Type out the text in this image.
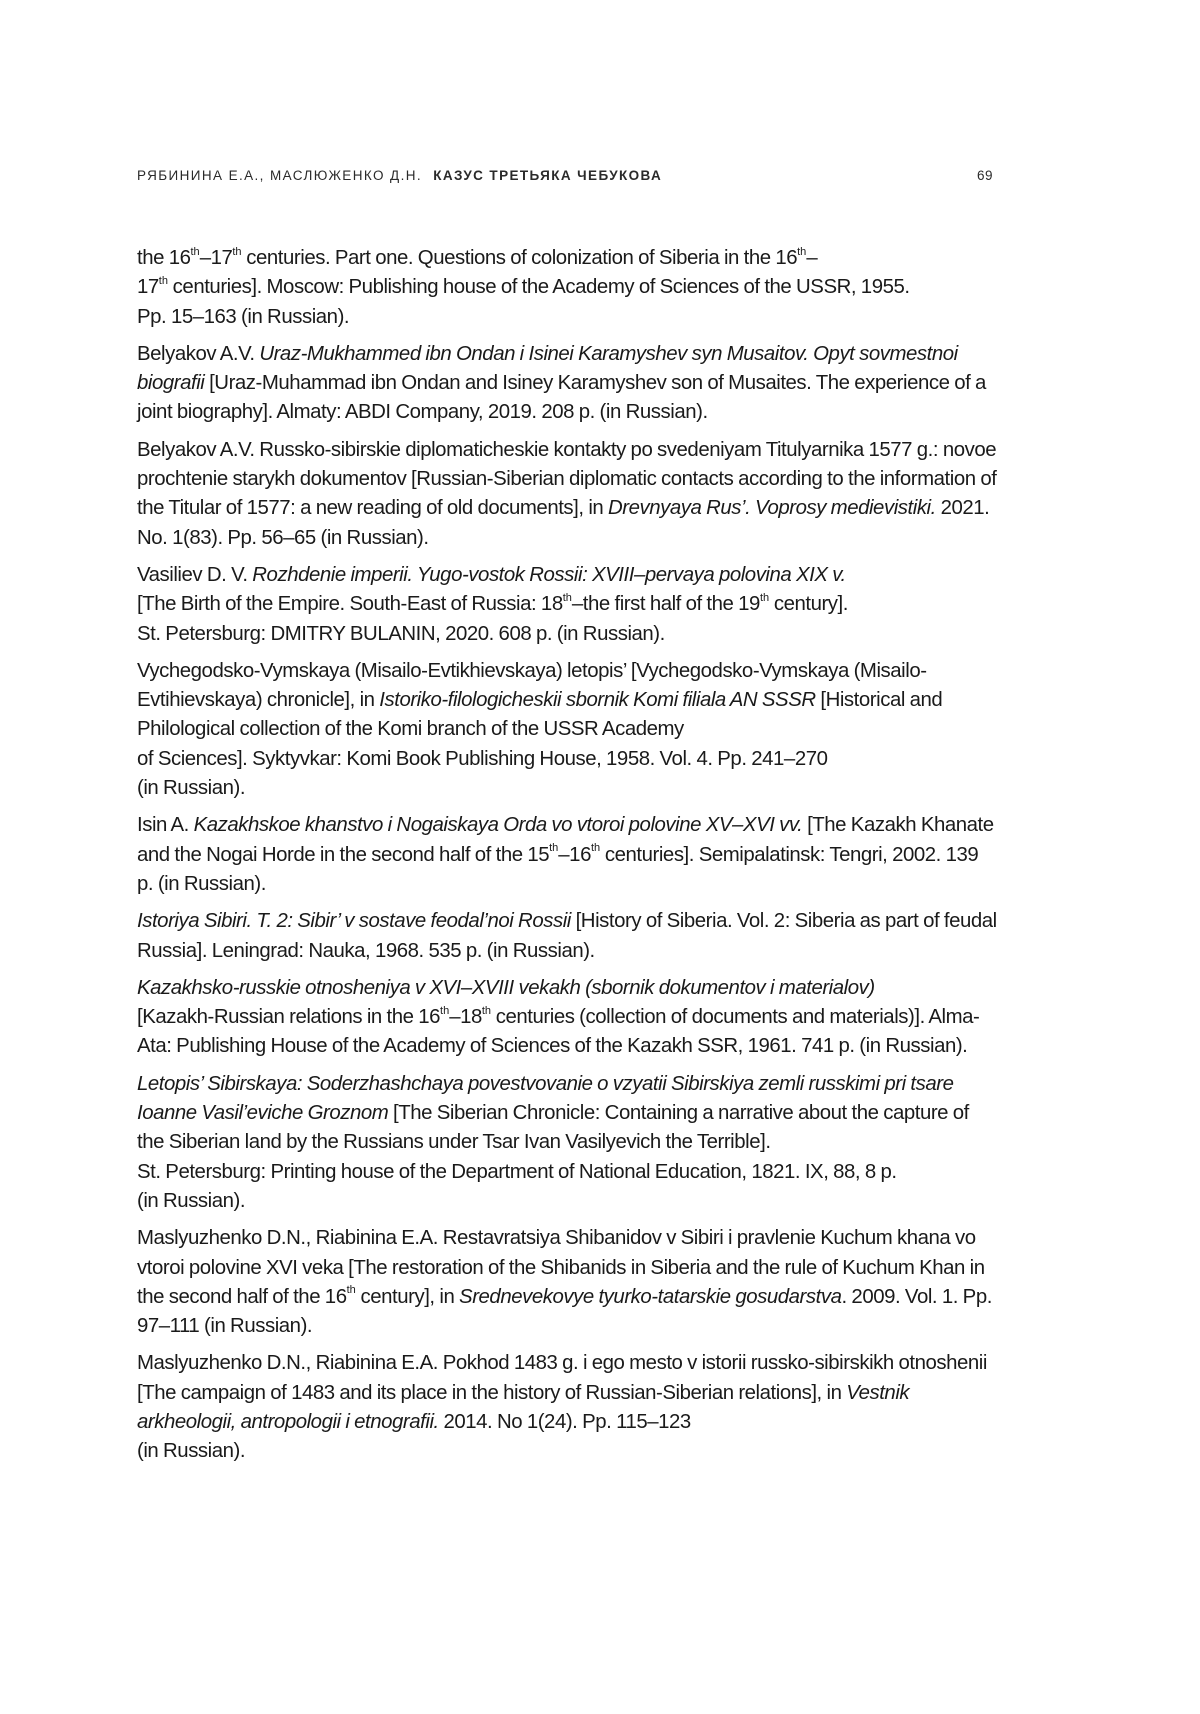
РЯБИНИНА Е.А., МАСЛЮЖЕНКО Д.Н. КАЗУС ТРЕТЬЯКА ЧЕБУКОВА	69

the 16th–17th centuries. Part one. Questions of colonization of Siberia in the 16th–
17th centuries]. Moscow: Publishing house of the Academy of Sciences of the USSR, 1955.
Pp. 15–163 (in Russian).

Belyakov A.V. Uraz-Mukhammed ibn Ondan i Isinei Karamyshev syn Musaitov. Opyt sovmestnoi biografii [Uraz-Muhammad ibn Ondan and Isiney Karamyshev son of Musaites. The experience of a joint biography]. Almaty: ABDI Company, 2019. 208 p. (in Russian).

Belyakov A.V. Russko-sibirskie diplomaticheskie kontakty po svedeniyam Titulyarnika 1577 g.: novoe prochtenie starykh dokumentov [Russian-Siberian diplomatic contacts according to the information of the Titular of 1577: a new reading of old documents], in Drevnyaya Rus’. Voprosy medievistiki. 2021. No. 1(83). Pp. 56–65 (in Russian).

Vasiliev D. V. Rozhdenie imperii. Yugo-vostok Rossii: XVIII–pervaya polovina XIX v.
[The Birth of the Empire. South-East of Russia: 18th–the first half of the 19th century].
St. Petersburg: DMITRY BULANIN, 2020. 608 p. (in Russian).

Vychegodsko-Vymskaya (Misailo-Evtikhievskaya) letopis’ [Vychegodsko-Vymskaya (Misailo-Evtihievskaya) chronicle], in Istoriko-filologicheskii sbornik Komi filiala AN SSSR [Historical and Philological collection of the Komi branch of the USSR Academy
of Sciences]. Syktyvkar: Komi Book Publishing House, 1958. Vol. 4. Pp. 241–270
(in Russian).

Isin A. Kazakhskoe khanstvo i Nogaiskaya Orda vo vtoroi polovine XV–XVI vv. [The Kazakh Khanate and the Nogai Horde in the second half of the 15th–16th centuries]. Semipalatinsk: Tengri, 2002. 139 p. (in Russian).

Istoriya Sibiri. T. 2: Sibir’ v sostave feodal’noi Rossii [History of Siberia. Vol. 2: Siberia as part of feudal Russia]. Leningrad: Nauka, 1968. 535 p. (in Russian).

Kazakhsko-russkie otnosheniya v XVI–XVIII vekakh (sbornik dokumentov i materialov)
[Kazakh-Russian relations in the 16th–18th centuries (collection of documents and materials)]. Alma-Ata: Publishing House of the Academy of Sciences of the Kazakh SSR, 1961. 741 p. (in Russian).

Letopis’ Sibirskaya: Soderzhashchaya povestvovanie o vzyatii Sibirskiya zemli russkimi pri tsare Ioanne Vasil’eviche Groznom [The Siberian Chronicle: Containing a narrative about the capture of the Siberian land by the Russians under Tsar Ivan Vasilyevich the Terrible].
St. Petersburg: Printing house of the Department of National Education, 1821. IX, 88, 8 p.
(in Russian).

Maslyuzhenko D.N., Riabinina E.A. Restavratsiya Shibanidov v Sibiri i pravlenie Kuchum khana vo vtoroi polovine XVI veka [The restoration of the Shibanids in Siberia and the rule of Kuchum Khan in the second half of the 16th century], in Srednevekovye tyurko-tatarskie gosudarstva. 2009. Vol. 1. Pp. 97–111 (in Russian).

Maslyuzhenko D.N., Riabinina E.A. Pokhod 1483 g. i ego mesto v istorii russko-sibirskikh otnoshenii [The campaign of 1483 and its place in the history of Russian-Siberian relations], in Vestnik arkheologii, antropologii i etnografii. 2014. No 1(24). Pp. 115–123
(in Russian).
